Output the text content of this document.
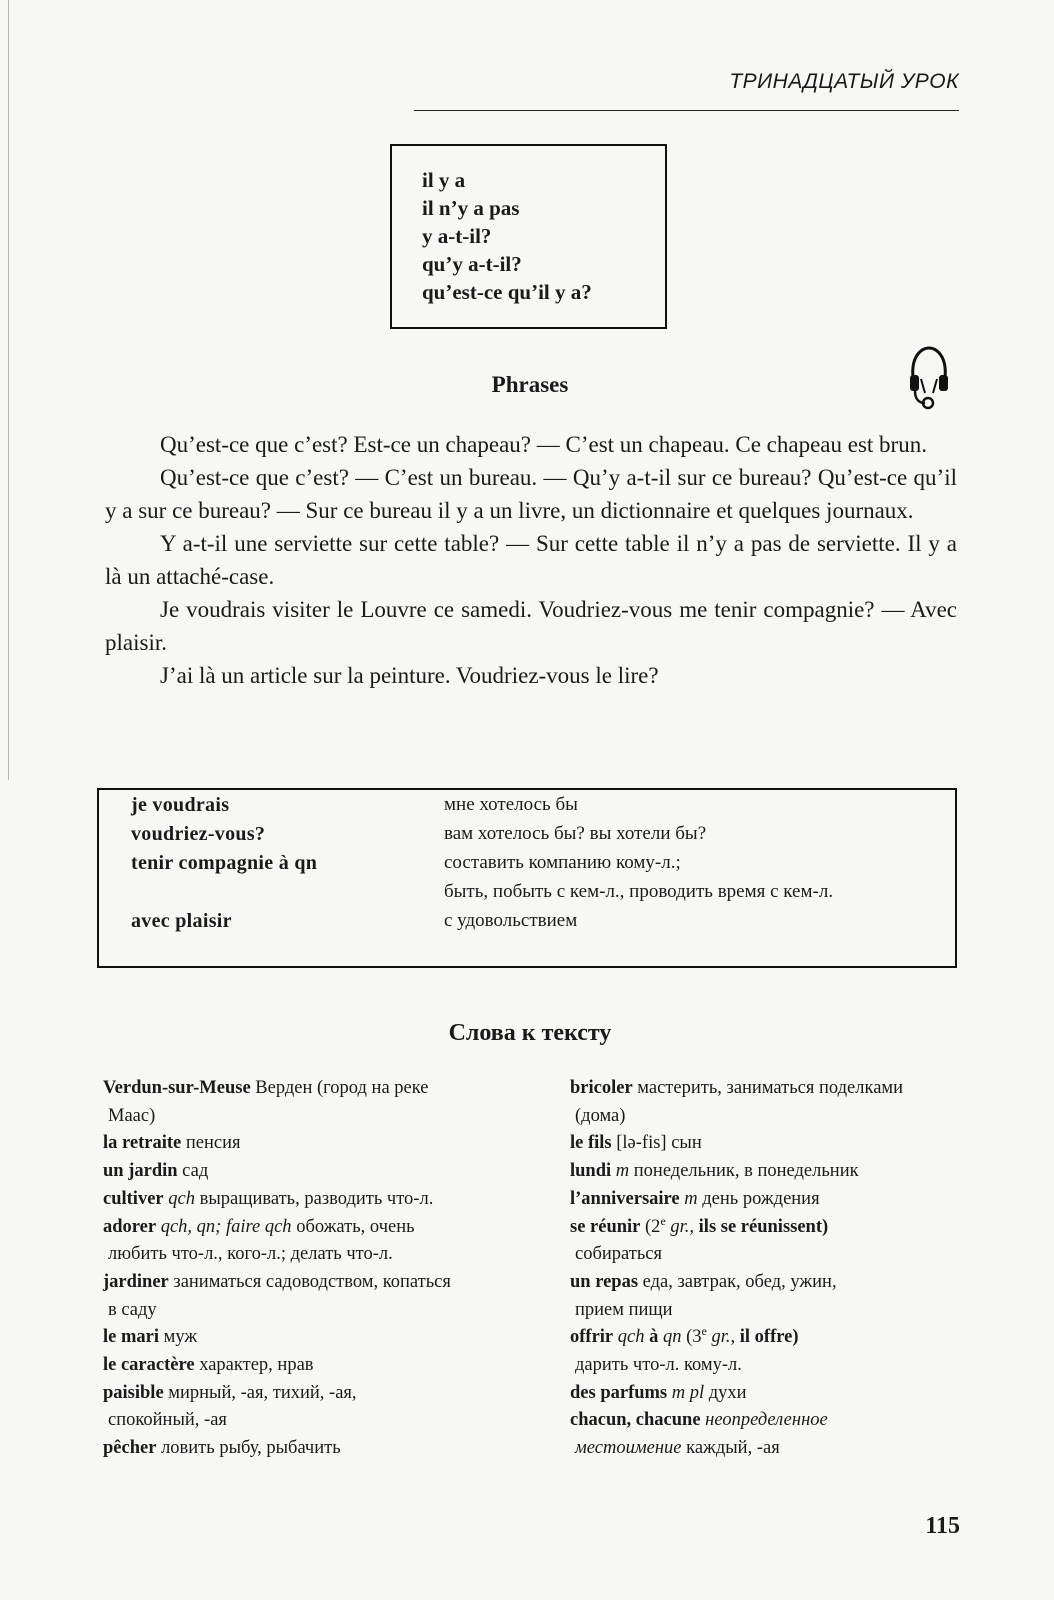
ТРИНАДЦАТЫЙ УРОК
il y a
il n’y a pas
y a-t-il?
qu’y a-t-il?
qu’est-ce qu’il y a?
Phrases

Qu’est-ce que c’est? Est-ce un chapeau? — C’est un chapeau. Ce chapeau est brun.

Qu’est-ce que c’est? — C’est un bureau. — Qu’y a-t-il sur ce bureau? Qu’est-ce qu’il y a sur ce bureau? — Sur ce bureau il y a un livre, un dictionnaire et quelques journaux.

Y a-t-il une serviette sur cette table? — Sur cette table il n’y a pas de serviette. Il y a là un attaché-case.

Je voudrais visiter le Louvre ce samedi. Voudriez-vous me tenir compagnie? — Avec plaisir.

J’ai là un article sur la peinture. Voudriez-vous le lire?

je voudrais	мне хотелось бы
voudriez-vous?	вам хотелось бы? вы хотели бы?
tenir compagnie à qn	составить компанию кому-л.;
быть, побыть с кем-л., проводить время с кем-л.
avec plaisir	с удовольствием
Слова к тексту
Verdun-sur-Meuse Верден (город на реке
Маас)
la retraite пенсия
un jardin сад
cultiver qch выращивать, разводить что-л.
adorer qch, qn; faire qch обожать, очень
любить что-л., кого-л.; делать что-л.
jardiner заниматься садоводством, копаться
в саду
le mari муж
le caractère характер, нрав
paisible мирный, -ая, тихий, -ая,
спокойный, -ая
pêcher ловить рыбу, рыбачить
bricoler мастерить, заниматься поделками
(дома)
le fils [lə-fis] сын
lundi m понедельник, в понедельник
l’anniversaire m день рождения
se réunir (2e gr., ils se réunissent)
собираться
un repas еда, завтрак, обед, ужин,
прием пищи
offrir qch à qn (3e gr., il offre)
дарить что-л. кому-л.
des parfums m pl духи
chacun, chacune неопределенное
местоимение каждый, -ая
115
